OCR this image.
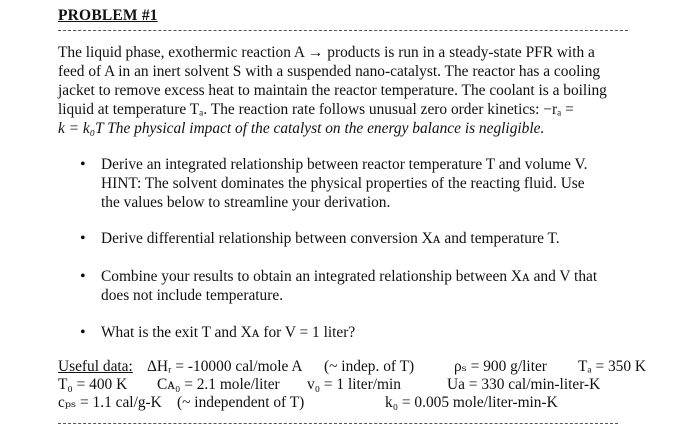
PROBLEM #1
The liquid phase, exothermic reaction A → products is run in a steady-state PFR with a
feed of A in an inert solvent S with a suspended nano-catalyst. The reactor has a cooling
jacket to remove excess heat to maintain the reactor temperature. The coolant is a boiling
liquid at temperature Tₐ. The reaction rate follows unusual zero order kinetics: −rₐ =
k = k₀T The physical impact of the catalyst on the energy balance is negligible.
• Derive an integrated relationship between reactor temperature T and volume V.
HINT: The solvent dominates the physical properties of the reacting fluid. Use
the values below to streamline your derivation.
• Derive differential relationship between conversion Xᴀ and temperature T.
• Combine your results to obtain an integrated relationship between Xᴀ and V that
does not include temperature.
• What is the exit T and Xᴀ for V = 1 liter?
Useful data: ΔHᵣ = -10000 cal/mole A (~ indep. of T)	ρₛ = 900 g/liter Tₐ = 350 K
T₀ = 400 K Cᴀ₀ = 2.1 mole/liter v₀ = 1 liter/min	Ua = 330 cal/min-liter-K
cₚₛ = 1.1 cal/g-K (~ independent of T)	k₀ = 0.005 mole/liter-min-K
